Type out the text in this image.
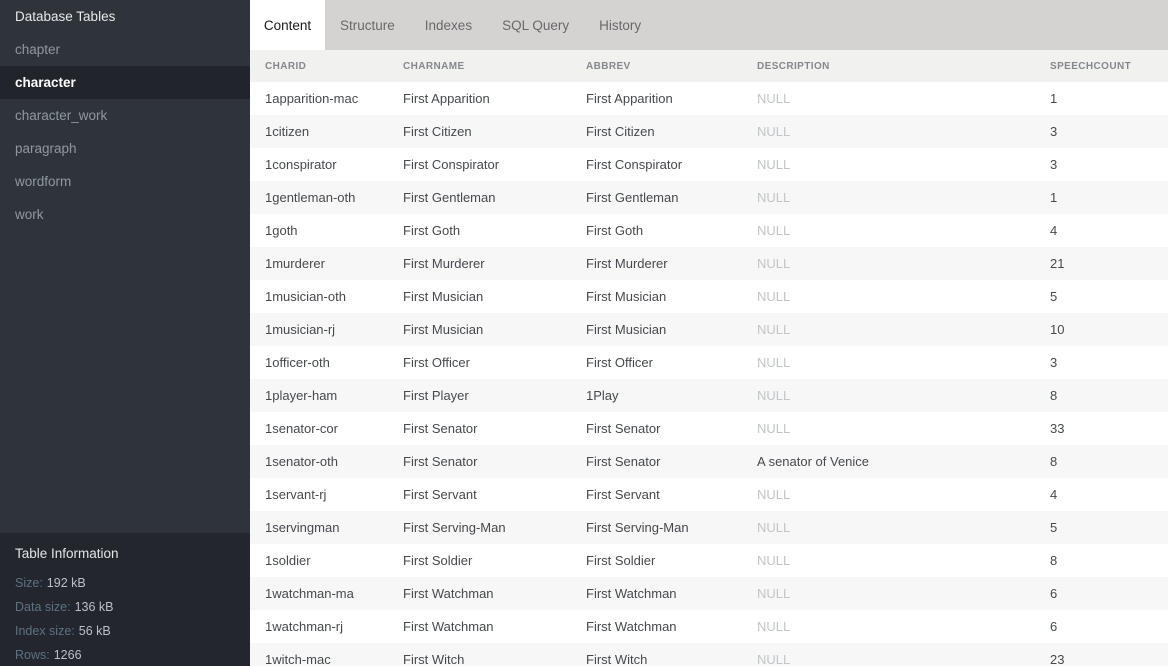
Database Tables
chapter
character
character_work
paragraph
wordform
work
Table Information
Size: 192 kB
Data size: 136 kB
Index size: 56 kB
Rows: 1266
Content	Structure	Indexes	SQL Query	History
CHARID	CHARNAME	ABBREV	DESCRIPTION	SPEECHCOUNT
1apparition-mac	First Apparition	First Apparition	NULL	1
1citizen	First Citizen	First Citizen	NULL	3
1conspirator	First Conspirator	First Conspirator	NULL	3
1gentleman-oth	First Gentleman	First Gentleman	NULL	1
1goth	First Goth	First Goth	NULL	4
1murderer	First Murderer	First Murderer	NULL	21
1musician-oth	First Musician	First Musician	NULL	5
1musician-rj	First Musician	First Musician	NULL	10
1officer-oth	First Officer	First Officer	NULL	3
1player-ham	First Player	1Play	NULL	8
1senator-cor	First Senator	First Senator	NULL	33
1senator-oth	First Senator	First Senator	A senator of Venice	8
1servant-rj	First Servant	First Servant	NULL	4
1servingman	First Serving-Man	First Serving-Man	NULL	5
1soldier	First Soldier	First Soldier	NULL	8
1watchman-ma	First Watchman	First Watchman	NULL	6
1watchman-rj	First Watchman	First Watchman	NULL	6
1witch-mac	First Witch	First Witch	NULL	23
